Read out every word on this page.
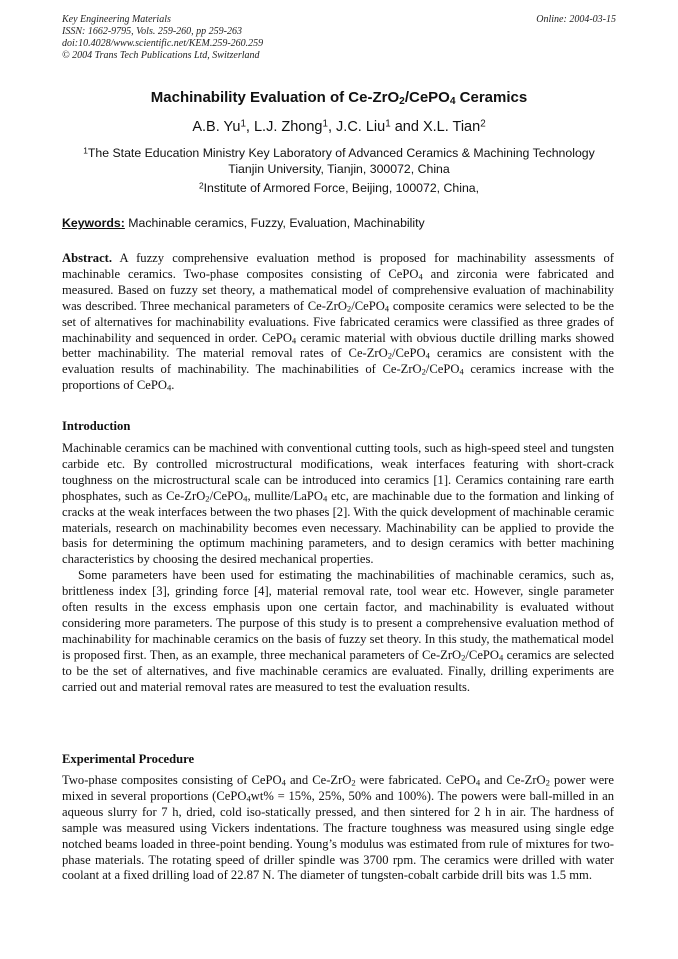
Key Engineering Materials
ISSN: 1662-9795, Vols. 259-260, pp 259-263
doi:10.4028/www.scientific.net/KEM.259-260.259
© 2004 Trans Tech Publications Ltd, Switzerland
Online: 2004-03-15
Machinability Evaluation of Ce-ZrO$_2$/CePO$_4$ Ceramics
A.B. Yu$^1$, L.J. Zhong$^1$, J.C. Liu$^1$ and X.L. Tian$^2$
$^1$The State Education Ministry Key Laboratory of Advanced Ceramics & Machining Technology
Tianjin University, Tianjin, 300072, China
$^2$Institute of Armored Force, Beijing, 100072, China,
Keywords: Machinable ceramics, Fuzzy, Evaluation, Machinability
Abstract. A fuzzy comprehensive evaluation method is proposed for machinability assessments of machinable ceramics. Two-phase composites consisting of CePO$_4$ and zirconia were fabricated and measured. Based on fuzzy set theory, a mathematical model of comprehensive evaluation of machinability was described. Three mechanical parameters of Ce-ZrO$_2$/CePO$_4$ composite ceramics were selected to be the set of alternatives for machinability evaluations. Five fabricated ceramics were classified as three grades of machinability and sequenced in order. CePO$_4$ ceramic material with obvious ductile drilling marks showed better machinability. The material removal rates of Ce-ZrO$_2$/CePO$_4$ ceramics are consistent with the evaluation results of machinability. The machinabilities of Ce-ZrO$_2$/CePO$_4$ ceramics increase with the proportions of CePO$_4$.
Introduction

Machinable ceramics can be machined with conventional cutting tools, such as high-speed steel and tungsten carbide etc. By controlled microstructural modifications, weak interfaces featuring with short-crack toughness on the microstructural scale can be introduced into ceramics [1]. Ceramics containing rare earth phosphates, such as Ce-ZrO$_2$/CePO$_4$, mullite/LaPO$_4$ etc, are machinable due to the formation and linking of cracks at the weak interfaces between the two phases [2]. With the quick development of machinable ceramic materials, research on machinability becomes even necessary. Machinability can be applied to provide the basis for determining the optimum machining parameters, and to design ceramics with better machining characteristics by choosing the desired mechanical properties.

Some parameters have been used for estimating the machinabilities of machinable ceramics, such as, brittleness index [3], grinding force [4], material removal rate, tool wear etc. However, single parameter often results in the excess emphasis upon one certain factor, and machinability is evaluated without considering more parameters. The purpose of this study is to present a comprehensive evaluation method of machinability for machinable ceramics on the basis of fuzzy set theory. In this study, the mathematical model is proposed first. Then, as an example, three mechanical parameters of Ce-ZrO$_2$/CePO$_4$ ceramics are selected to be the set of alternatives, and five machinable ceramics are evaluated. Finally, drilling experiments are carried out and material removal rates are measured to test the evaluation results.

Experimental Procedure
Two-phase composites consisting of CePO$_4$ and Ce-ZrO$_2$ were fabricated. CePO$_4$ and Ce-ZrO$_2$ power were mixed in several proportions (CePO$_4$wt% = 15%, 25%, 50% and 100%). The powers were ball-milled in an aqueous slurry for 7 h, dried, cold iso-statically pressed, and then sintered for 2 h in air. The hardness of sample was measured using Vickers indentations. The fracture toughness was measured using single edge notched beams loaded in three-point bending. Young’s modulus was estimated from rule of mixtures for two-phase materials. The rotating speed of driller spindle was 3700 rpm. The ceramics were drilled with water coolant at a fixed drilling load of 22.87 N. The diameter of tungsten-cobalt carbide drill bits was 1.5 mm.
